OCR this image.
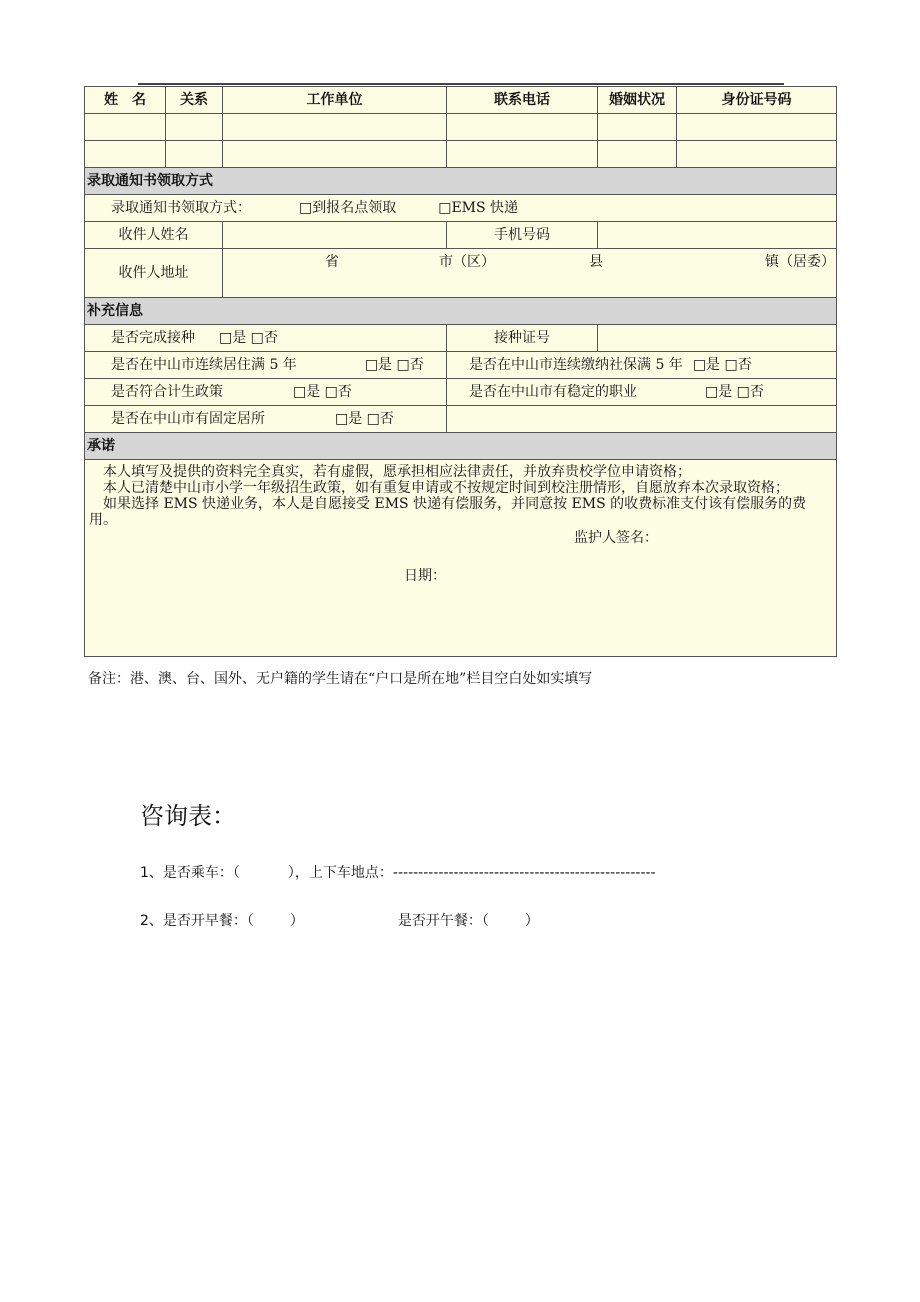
姓　名	关系	工作单位	联系电话	婚姻状况	身份证号码

录取通知书领取方式					
录取通知书领取方式： □到报名点领取 □EMS 快递					
收件人姓名			手机号码		
收件人地址		省 市（区） 县 镇（居委）			

补充信息					
是否完成接种 □是 □否			接种证号		
是否在中山市连续居住满 5 年 □是 □否			是否在中山市连续缴纳社保满 5 年 □是 □否		
是否符合计生政策 □是 □否			是否在中山市有稳定的职业 □是 □否		
是否在中山市有固定居所 □是 □否					
承诺					

本人填写及提供的资料完全真实，若有虚假，愿承担相应法律责任，并放弃贵校学位申请资格；

本人已清楚中山市小学一年级招生政策，如有重复申请或不按规定时间到校注册情形，自愿放弃本次录取资格；

如果选择 EMS 快递业务，本人是自愿接受 EMS 快递有偿服务，并同意按 EMS 的收费标准支付该有偿服务的费用。

监护人签名：
日期：					
备注：港、澳、台、国外、无户籍的学生请在“户口是所在地”栏目空白处如实填写
咨询表：
1、是否乘车：（	），上下车地点：----------------------------------------------------
2、是否开早餐：（	）	是否开午餐：（	）
